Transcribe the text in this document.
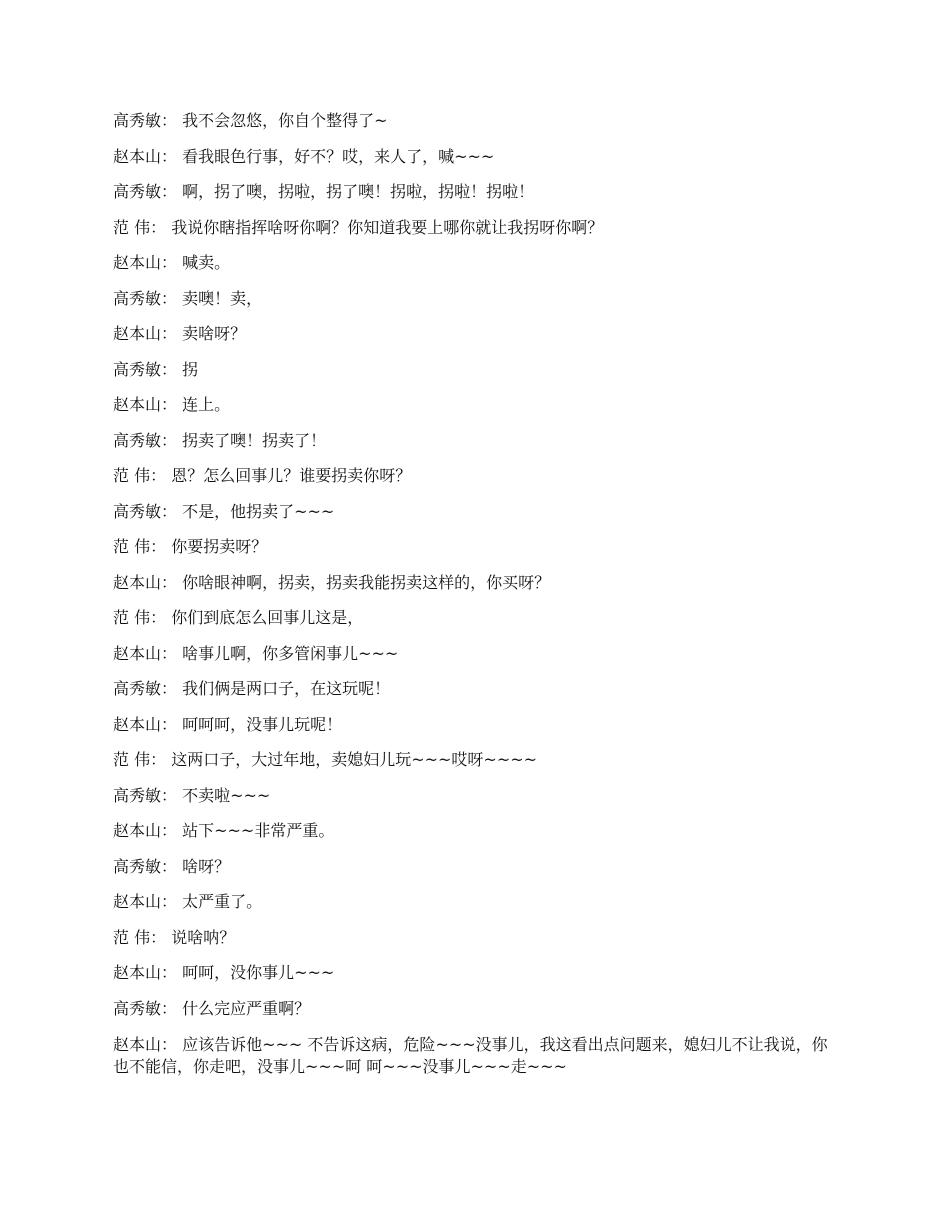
高秀敏： 我不会忽悠，你自个整得了~

赵本山： 看我眼色行事，好不？哎，来人了，喊~~~

高秀敏： 啊，拐了噢，拐啦，拐了噢！拐啦，拐啦！拐啦！

范 伟： 我说你瞎指挥啥呀你啊？你知道我要上哪你就让我拐呀你啊？

赵本山： 喊卖。

高秀敏： 卖噢！卖，

赵本山： 卖啥呀？

高秀敏： 拐

赵本山： 连上。

高秀敏： 拐卖了噢！拐卖了！

范 伟： 恩？怎么回事儿？谁要拐卖你呀？

高秀敏： 不是，他拐卖了~~~

范 伟： 你要拐卖呀？

赵本山： 你啥眼神啊，拐卖，拐卖我能拐卖这样的，你买呀？

范 伟： 你们到底怎么回事儿这是，

赵本山： 啥事儿啊，你多管闲事儿~~~

高秀敏： 我们俩是两口子，在这玩呢！

赵本山： 呵呵呵，没事儿玩呢！

范 伟： 这两口子，大过年地，卖媳妇儿玩~~~哎呀~~~~

高秀敏： 不卖啦~~~

赵本山： 站下~~~非常严重。

高秀敏： 啥呀？

赵本山： 太严重了。

范 伟： 说啥呐？

赵本山： 呵呵，没你事儿~~~

高秀敏： 什么完应严重啊？

赵本山： 应该告诉他~~~ 不告诉这病，危险~~~没事儿，我这看出点问题来，媳妇儿不让我说，你也不能信，你走吧，没事儿~~~呵 呵~~~没事儿~~~走~~~
